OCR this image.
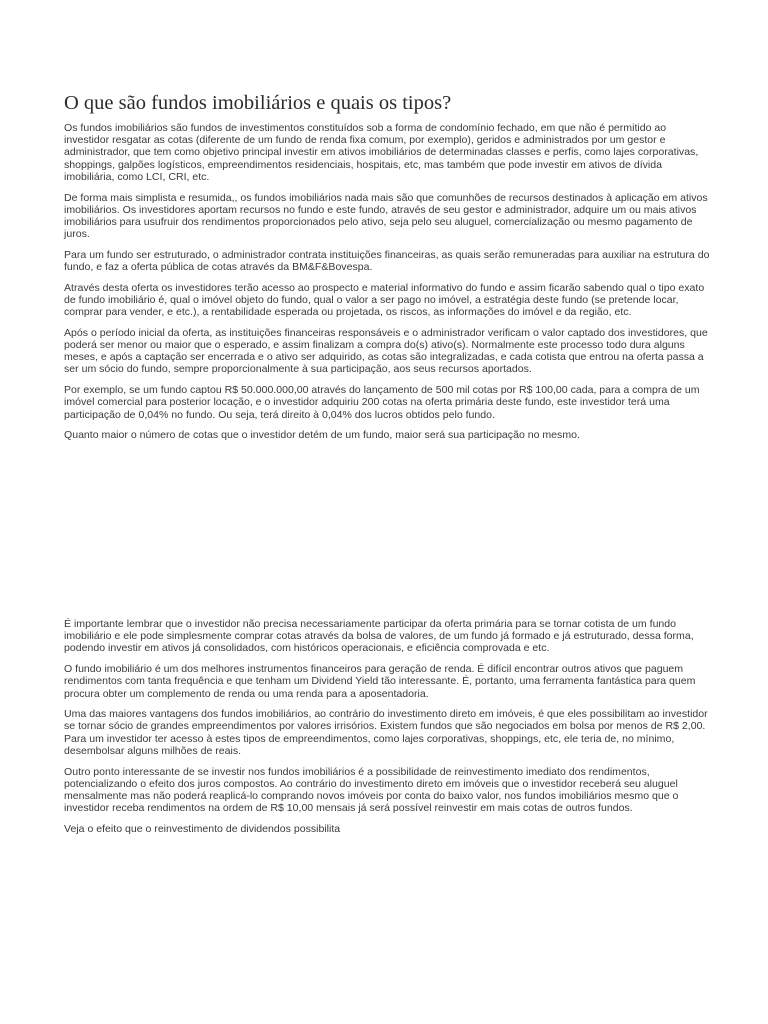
O que são fundos imobiliários e quais os tipos?

Os fundos imobiliários são fundos de investimentos constituídos sob a forma de condomínio fechado, em que não é permitido ao investidor resgatar as cotas (diferente de um fundo de renda fixa comum, por exemplo), geridos e administrados por um gestor e administrador, que tem como objetivo principal investir em ativos imobiliários de determinadas classes e perfis, como lajes corporativas, shoppings, galpões logísticos, empreendimentos residenciais, hospitais, etc, mas também que pode investir em ativos de dívida imobiliária, como LCI, CRI, etc.

De forma mais simplista e resumida,, os fundos imobiliários nada mais são que comunhões de recursos destinados à aplicação em ativos imobiliários. Os investidores aportam recursos no fundo e este fundo, através de seu gestor e administrador, adquire um ou mais ativos imobiliários para usufruir dos rendimentos proporcionados pelo ativo, seja pelo seu aluguel, comercialização ou mesmo pagamento de juros.

Para um fundo ser estruturado, o administrador contrata instituições financeiras, as quais serão remuneradas para auxiliar na estrutura do fundo, e faz a oferta pública de cotas através da BM&F&Bovespa.

Através desta oferta os investidores terão acesso ao prospecto e material informativo do fundo e assim ficarão sabendo qual o tipo exato de fundo imobiliário é, qual o imóvel objeto do fundo, qual o valor a ser pago no imóvel, a estratégia deste fundo (se pretende locar, comprar para vender, e etc.), a rentabilidade esperada ou projetada, os riscos, as informações do imóvel e da região, etc.

Após o período inicial da oferta, as instituições financeiras responsáveis e o administrador verificam o valor captado dos investidores, que poderá ser menor ou maior que o esperado, e assim finalizam a compra do(s) ativo(s). Normalmente este processo todo dura alguns meses, e após a captação ser encerrada e o ativo ser adquirido, as cotas são integralizadas, e cada cotista que entrou na oferta passa a ser um sócio do fundo, sempre proporcionalmente à sua participação, aos seus recursos aportados.

Por exemplo, se um fundo captou R$ 50.000.000,00 através do lançamento de 500 mil cotas por R$ 100,00 cada, para a compra de um imóvel comercial para posterior locação, e o investidor adquiriu 200 cotas na oferta primária deste fundo, este investidor terá uma participação de 0,04% no fundo. Ou seja, terá direito à 0,04% dos lucros obtidos pelo fundo.

Quanto maior o número de cotas que o investidor detém de um fundo, maior será sua participação no mesmo.

É importante lembrar que o investidor não precisa necessariamente participar da oferta primária para se tornar cotista de um fundo imobiliário e ele pode simplesmente comprar cotas através da bolsa de valores, de um fundo já formado e já estruturado, dessa forma, podendo investir em ativos já consolidados, com históricos operacionais, e eficiência comprovada e etc.

O fundo imobiliário é um dos melhores instrumentos financeiros para geração de renda. É difícil encontrar outros ativos que paguem rendimentos com tanta frequência e que tenham um Dividend Yield tão interessante. É, portanto, uma ferramenta fantástica para quem procura obter um complemento de renda ou uma renda para a aposentadoria.

Uma das maiores vantagens dos fundos imobiliários, ao contrário do investimento direto em imóveis, é que eles possibilitam ao investidor se tornar sócio de grandes empreendimentos por valores irrisórios. Existem fundos que são negociados em bolsa por menos de R$ 2,00. Para um investidor ter acesso à estes tipos de empreendimentos, como lajes corporativas, shoppings, etc, ele teria de, no mínimo, desembolsar alguns milhões de reais.

Outro ponto interessante de se investir nos fundos imobiliários é a possibilidade de reinvestimento imediato dos rendimentos, potencializando o efeito dos juros compostos. Ao contrário do investimento direto em imóveis que o investidor receberá seu aluguel mensalmente mas não poderá reaplicá-lo comprando novos imóveis por conta do baixo valor, nos fundos imobiliários mesmo que o investidor receba rendimentos na ordem de R$ 10,00 mensais já será possível reinvestir em mais cotas de outros fundos.

Veja o efeito que o reinvestimento de dividendos possibilita
